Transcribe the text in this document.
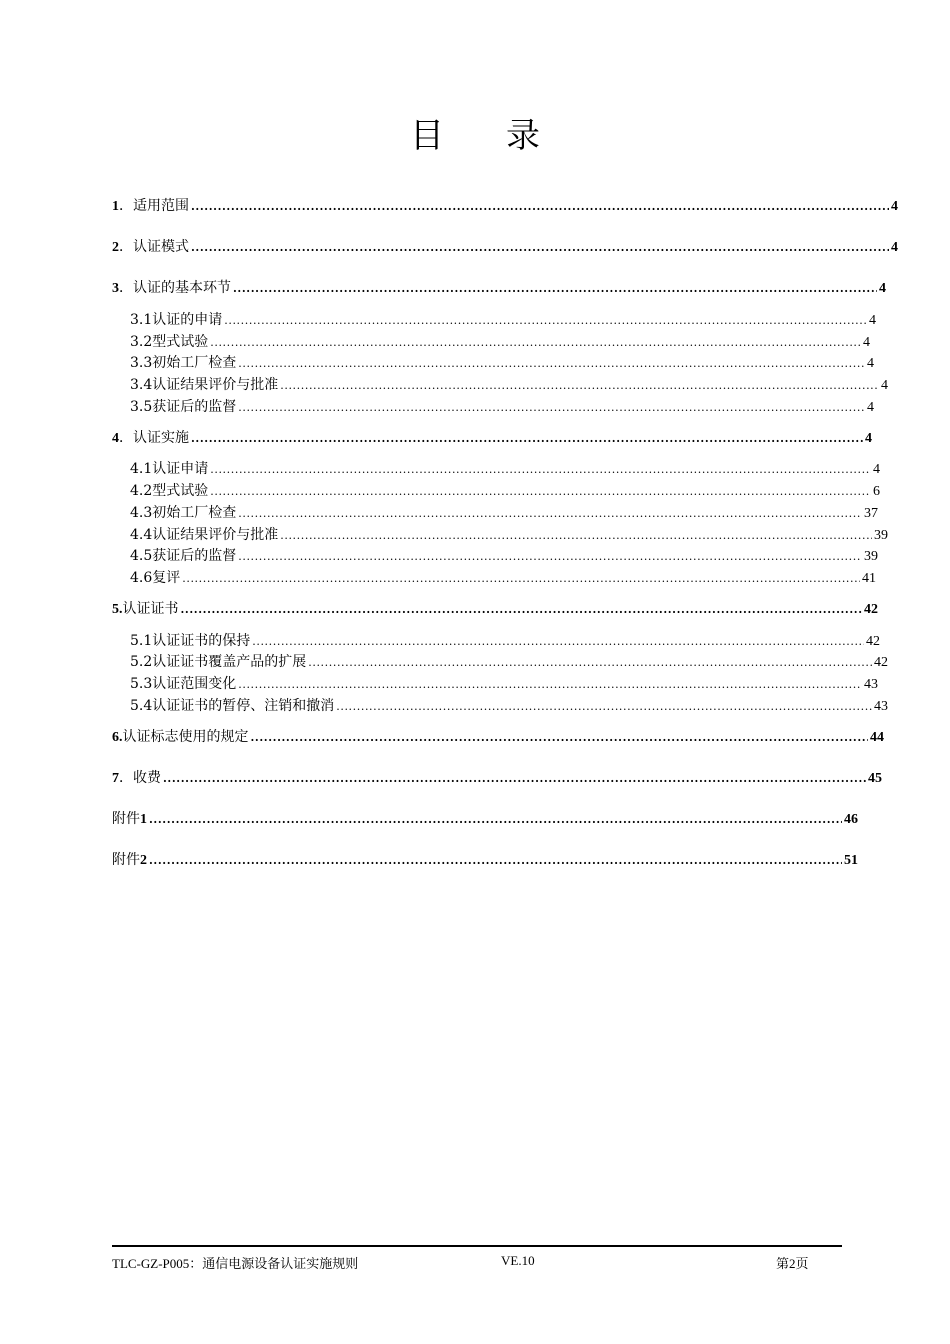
目 录
1 ．适用范围 .....	4
2 ．认证模式 .....	4
3 ．认证的基本环节 .....	4
3.1认证的申请 .....	4
3.2型式试验 .....	4
3.3初始工厂检查 .....	4
3.4认证结果评价与批准 .....	4
3.5获证后的监督 .....	4
4 ．认证实施 .....	4
4.1认证申请 .....	4
4.2型式试验 .....	6
4.3初始工厂检查 .....	37
4.4认证结果评价与批准 .....	39
4.5获证后的监督 .....	39
4.6复评 .....	41
5. 认证证书 .....	42
5.1认证证书的保持 .....	42
5.2认证证书覆盖产品的扩展 .....	42
5.3认证范围变化 .....	43
5.4认证证书的暂停、注销和撤消 .....	43
6. 认证标志使用的规定 .....	44
7 ．收费 .....	45
附件 1 .....	46
附件 2 .....	51
TLC-GZ-P005：通信电源设备认证实施规则	VE.10	第2页
